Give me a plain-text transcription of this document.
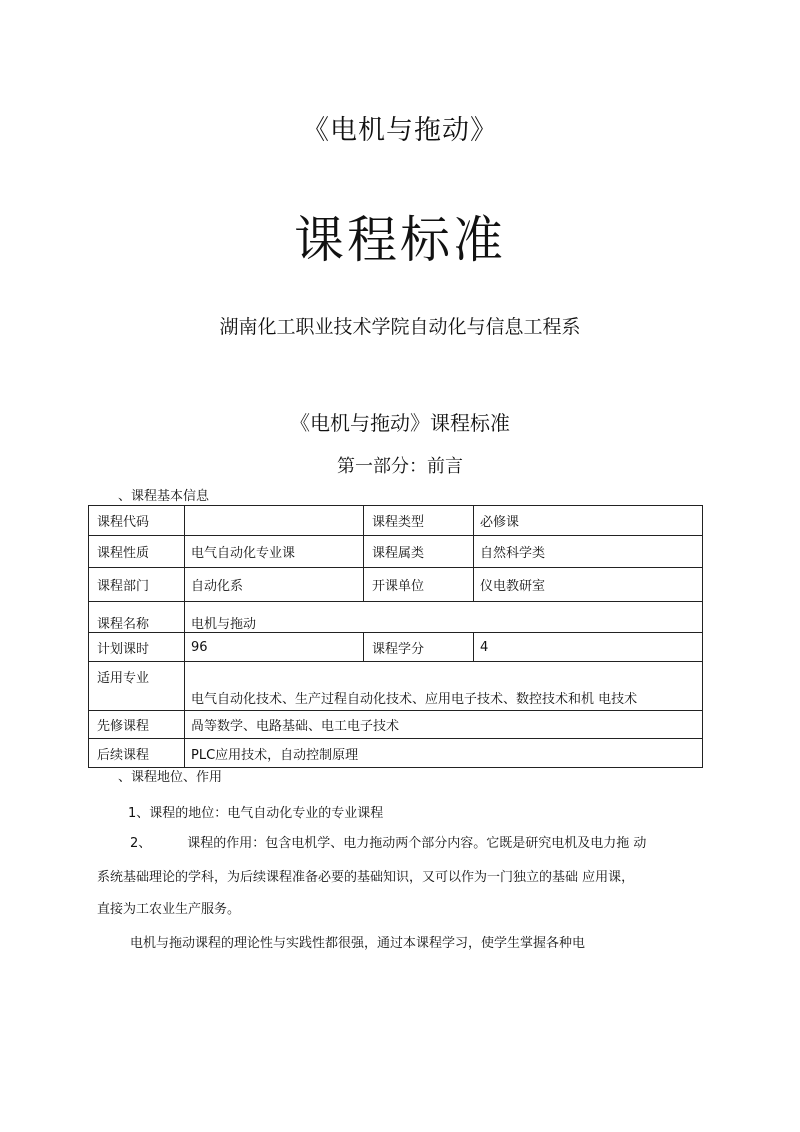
《电机与拖动》
课程标准
湖南化工职业技术学院自动化与信息工程系
《电机与拖动》课程标准
第一部分：前言
、课程基本信息
课程代码		课程类型	必修课
课程性质	电气自动化专业课	课程属类	自然科学类
课程部门	自动化系	开课单位	仪电教研室
课程名称	电机与拖动		
计划课时	96	课程学分	4
适用专业	电气自动化技术、生产过程自动化技术、应用电子技术、数控技术和机 电技术		
先修课程	咼等数学、电路基础、电工电子技术		
后续课程	PLC应用技术，自动控制原理		
、课程地位、作用
1、课程的地位：电气自动化专业的专业课程
2、	课程的作用：包含电机学、电力拖动两个部分内容。它既是研究电机及电力拖 动
系统基础理论的学科，为后续课程准备必要的基础知识，又可以作为一门独立的基础 应用课，
直接为工农业生产服务。
电机与拖动课程的理论性与实践性都很强，通过本课程学习，使学生掌握各种电
